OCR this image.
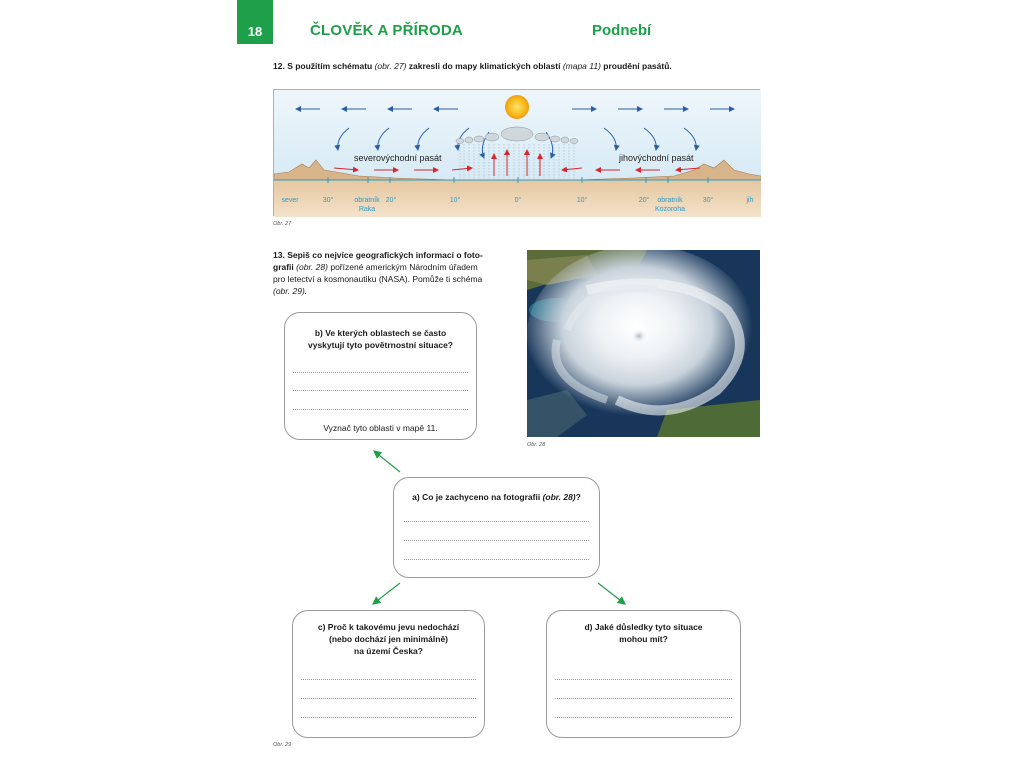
18	ČLOVĚK A PŘÍRODA	Podnebí
12. S použitím schématu (obr. 27) zakresli do mapy klimatických oblastí (mapa 11) proudění pasátů.
severovýchodní pasát	jihovýchodní pasát
sever	30°	obratník
Raka
20°	10°	0°	10°	20° obratník
Kozoroha
30°	jih
Obr. 27
13. Sepiš co nejvíce geografických informací o foto-
grafii (obr. 28) pořízené americkým Národním úřadem
pro letectví a kosmonautiku (NASA). Pomůže ti schéma
(obr. 29).
Obr. 28
b) Ve kterých oblastech se často
vyskytují tyto povětrnostní situace?
Vyznač tyto oblasti v mapě 11.
a) Co je zachyceno na fotografii (obr. 28)?
c) Proč k takovému jevu nedochází
(nebo dochází jen minimálně)
na území Česka?
d) Jaké důsledky tyto situace
mohou mít?
Obr. 29
